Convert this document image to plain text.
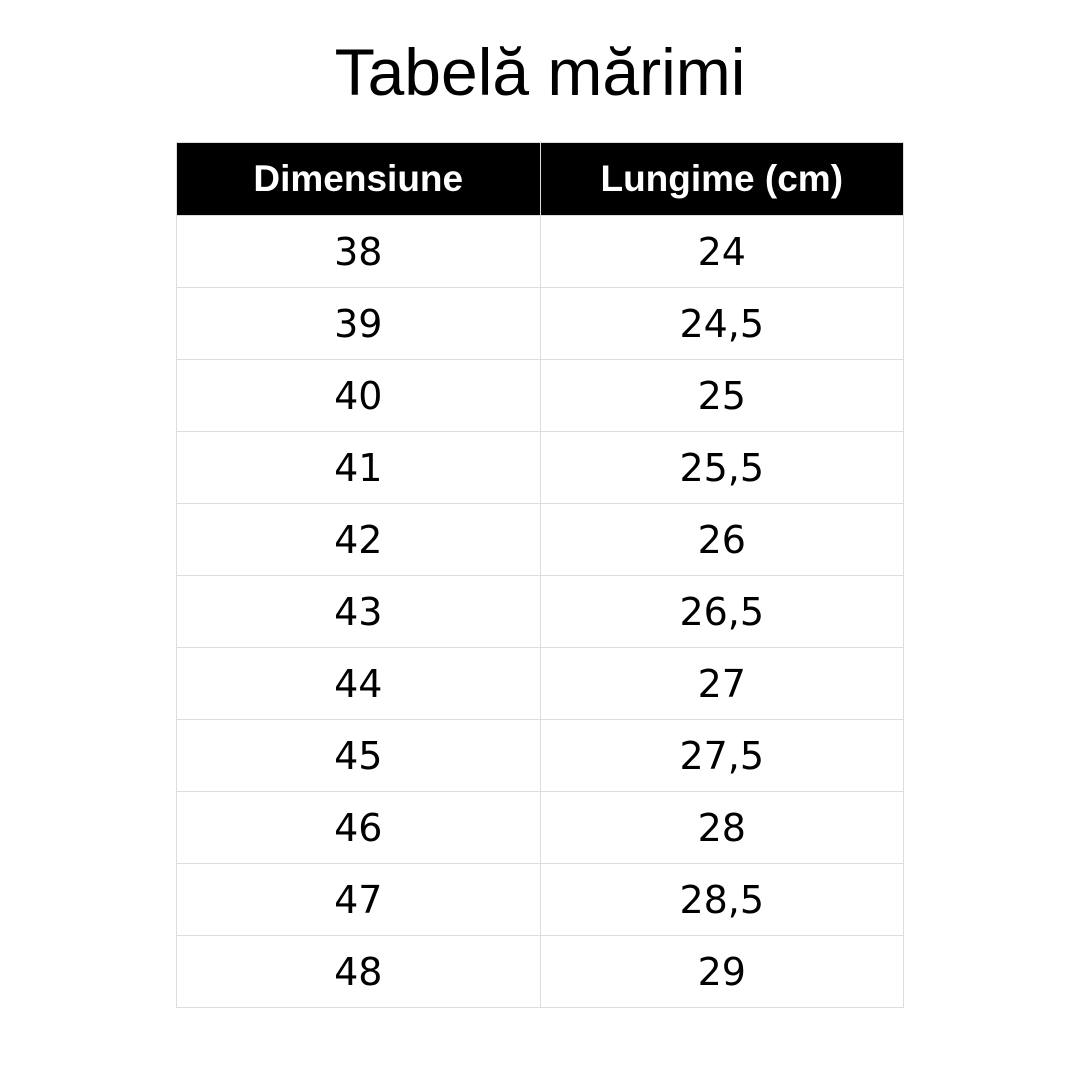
Tabelă mărimi
Dimensiune	Lungime (cm)
38	24
39	24,5
40	25
41	25,5
42	26
43	26,5
44	27
45	27,5
46	28
47	28,5
48	29
